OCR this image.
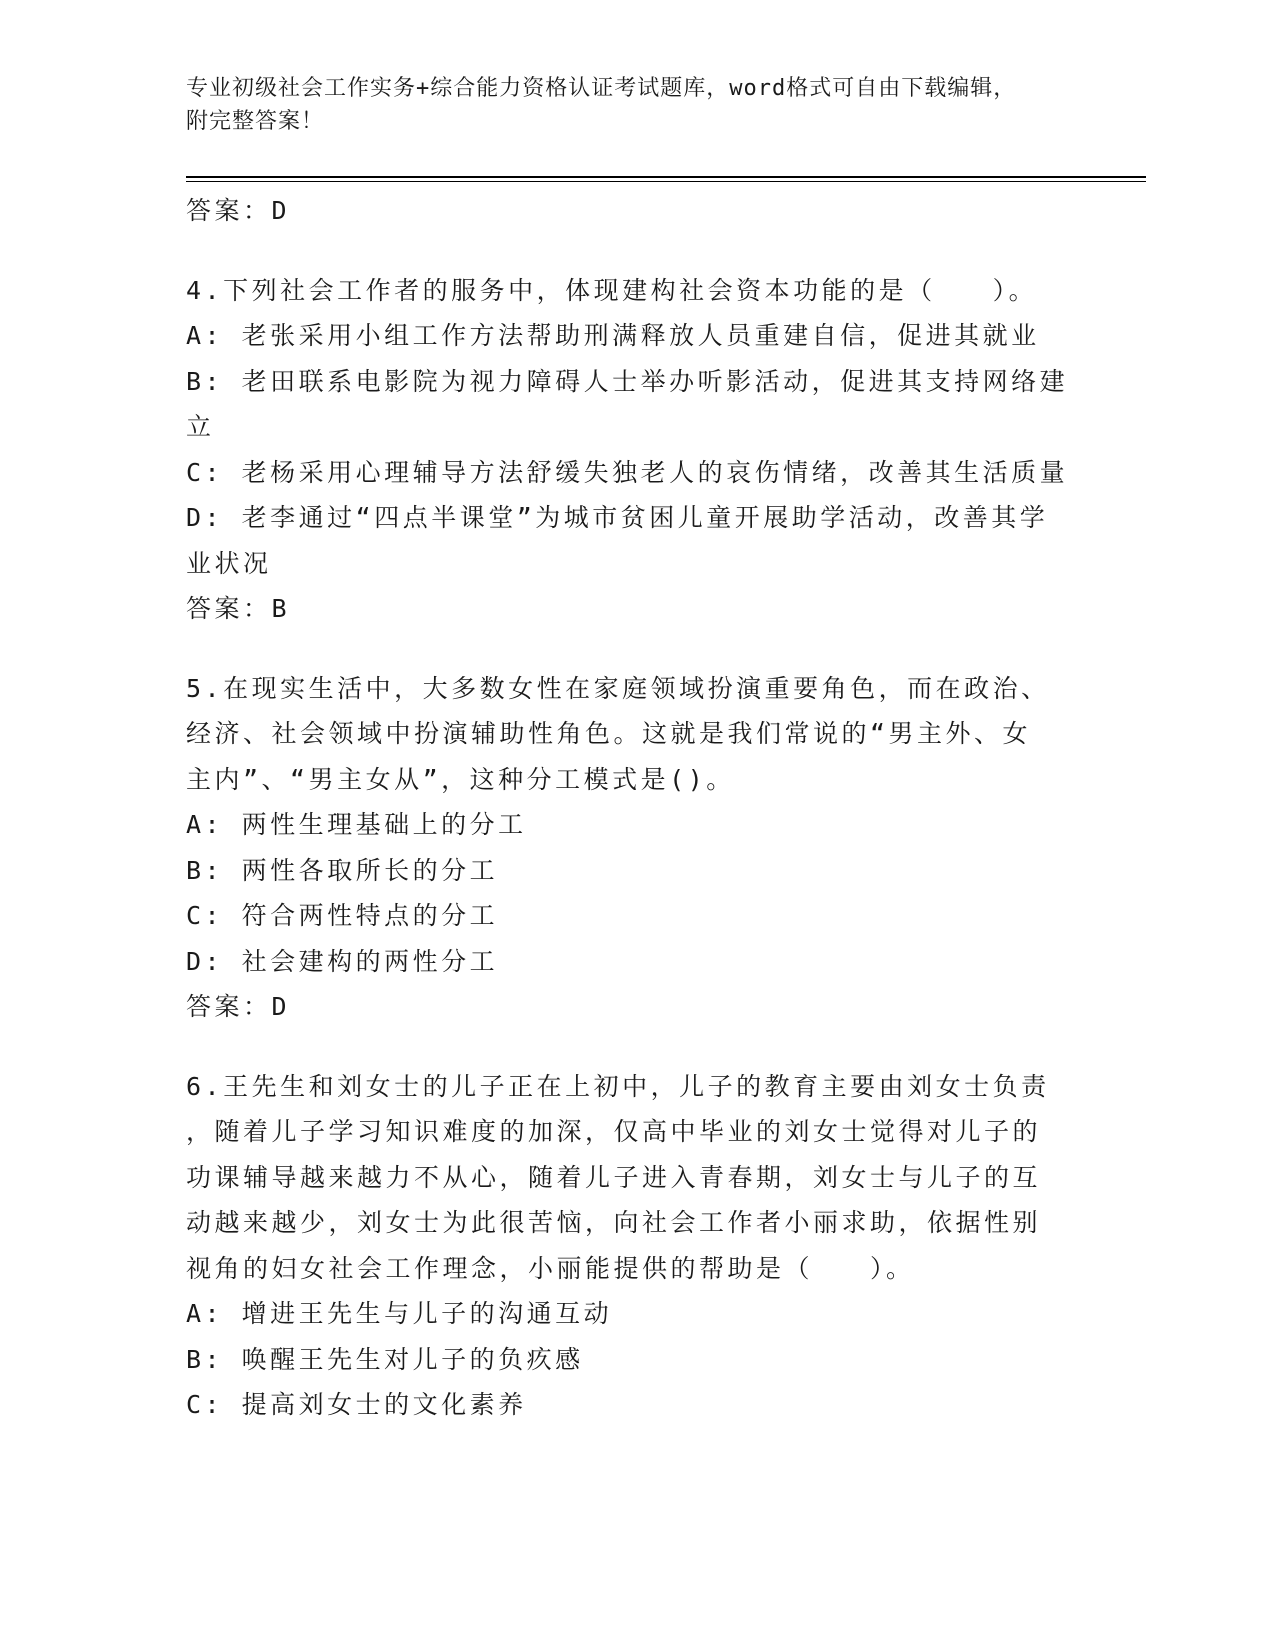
专业初级社会工作实务+综合能力资格认证考试题库，word格式可自由下载编辑，
附完整答案！
答案：D
4.下列社会工作者的服务中，体现建构社会资本功能的是（　　）。
A: 老张采用小组工作方法帮助刑满释放人员重建自信，促进其就业
B: 老田联系电影院为视力障碍人士举办听影活动，促进其支持网络建
立
C: 老杨采用心理辅导方法舒缓失独老人的哀伤情绪，改善其生活质量
D: 老李通过“四点半课堂”为城市贫困儿童开展助学活动，改善其学
业状况
答案：B
5.在现实生活中，大多数女性在家庭领域扮演重要角色，而在政治、
经济、社会领域中扮演辅助性角色。这就是我们常说的“男主外、女
主内”、“男主女从”，这种分工模式是()。
A: 两性生理基础上的分工
B: 两性各取所长的分工
C: 符合两性特点的分工
D: 社会建构的两性分工
答案：D
6.王先生和刘女士的儿子正在上初中，儿子的教育主要由刘女士负责
，随着儿子学习知识难度的加深，仅高中毕业的刘女士觉得对儿子的
功课辅导越来越力不从心，随着儿子进入青春期，刘女士与儿子的互
动越来越少，刘女士为此很苦恼，向社会工作者小丽求助，依据性别
视角的妇女社会工作理念，小丽能提供的帮助是（　　）。
A: 增进王先生与儿子的沟通互动
B: 唤醒王先生对儿子的负疚感
C: 提高刘女士的文化素养
